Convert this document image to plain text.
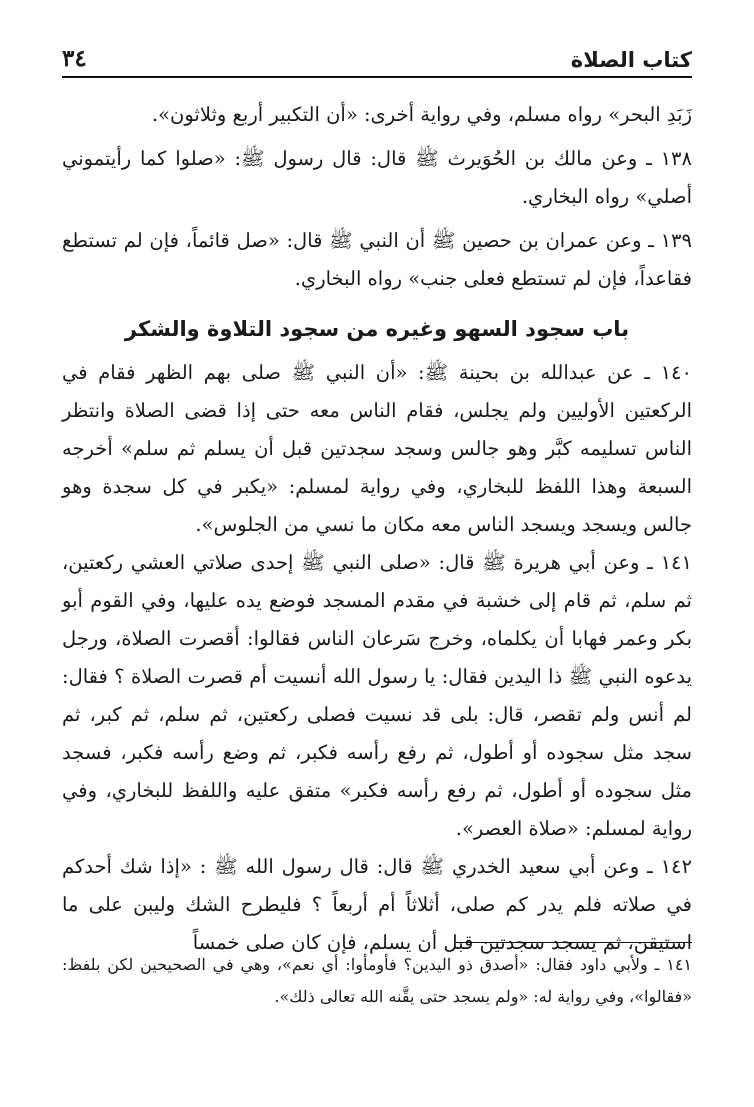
كتاب الصلاة
٣٤

زَبَدِ البحر» رواه مسلم، وفي رواية أخرى: «أن التكبير أربع وثلاثون».

١٣٨ ـ وعن مالك بن الحُوَيرث ﷺ قال: قال رسول ﷺ: «صلوا كما رأيتموني أصلي» رواه البخاري.

١٣٩ ـ وعن عمران بن حصين ﷺ أن النبي ﷺ قال: «صل قائماً، فإن لم تستطع فقاعداً، فإن لم تستطع فعلى جنب» رواه البخاري.

باب سجود السهو وغيره من سجود التلاوة والشكر

١٤٠ ـ عن عبدالله بن بحينة ﷺ: «أن النبي ﷺ صلى بهم الظهر فقام في الركعتين الأوليين ولم يجلس، فقام الناس معه حتى إذا قضى الصلاة وانتظر الناس تسليمه كبَّر وهو جالس وسجد سجدتين قبل أن يسلم ثم سلم» أخرجه السبعة وهذا اللفظ للبخاري، وفي رواية لمسلم: «يكبر في كل سجدة وهو جالس ويسجد ويسجد الناس معه مكان ما نسي من الجلوس».

١٤١ ـ وعن أبي هريرة ﷺ قال: «صلى النبي ﷺ إحدى صلاتي العشي ركعتين، ثم سلم، ثم قام إلى خشبة في مقدم المسجد فوضع يده عليها، وفي القوم أبو بكر وعمر فهابا أن يكلماه، وخرج سَرعان الناس فقالوا: أقصرت الصلاة، ورجل يدعوه النبي ﷺ ذا اليدين فقال: يا رسول الله أنسيت أم قصرت الصلاة ؟ فقال: لم أنس ولم تقصر، قال: بلى قد نسيت فصلى ركعتين، ثم سلم، ثم كبر، ثم سجد مثل سجوده أو أطول، ثم رفع رأسه فكبر، ثم وضع رأسه فكبر، فسجد مثل سجوده أو أطول، ثم رفع رأسه فكبر» متفق عليه واللفظ للبخاري، وفي رواية لمسلم: «صلاة العصر».

١٤٢ ـ وعن أبي سعيد الخدري ﷺ قال: قال رسول الله ﷺ : «إذا شك أحدكم في صلاته فلم يدر كم صلى، أثلاثاً أم أربعاً ؟ فليطرح الشك وليبن على ما استيقن، ثم يسجد سجدتين قبل أن يسلم، فإن كان صلى خمساً

١٤١ ـ ولأبي داود فقال: «أصدق ذو اليدين؟ فأومأوا: أي نعم»، وهي في الصحيحين لكن بلفظ: «فقالوا»، وفي رواية له: «ولم يسجد حتى يقَّنه الله تعالى ذلك».
